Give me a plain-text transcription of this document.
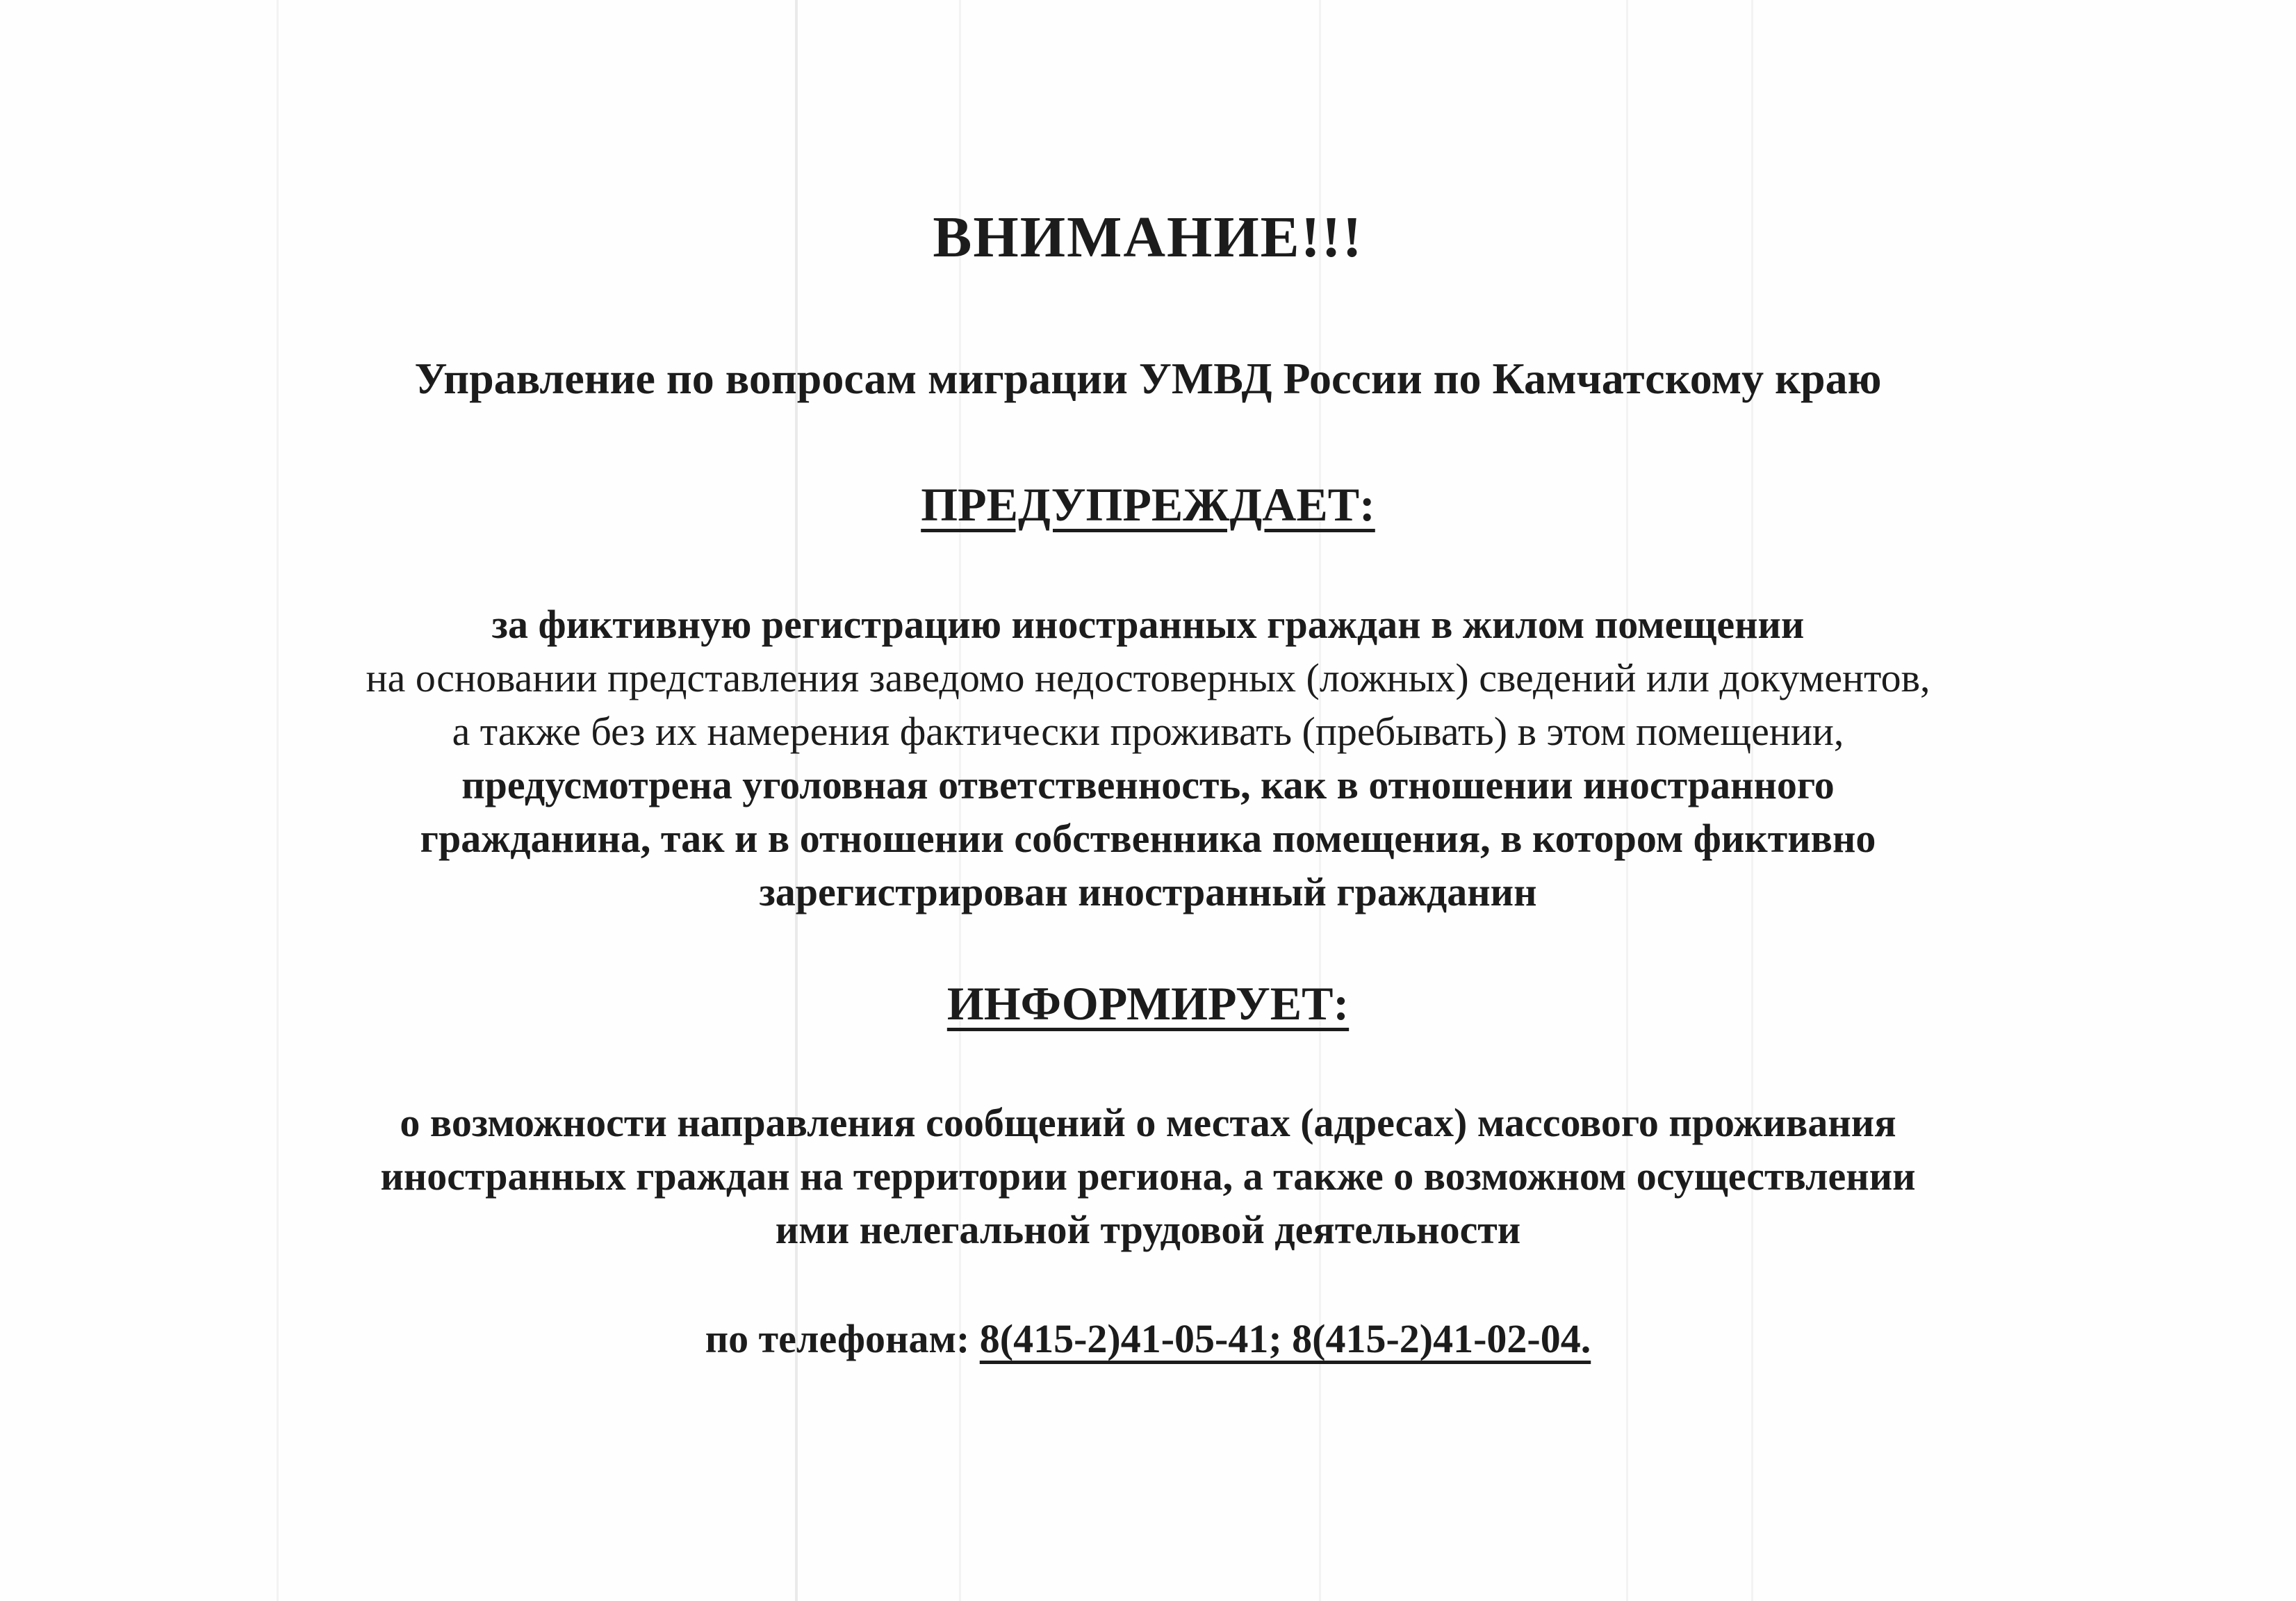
ВНИМАНИЕ!!!
Управление по вопросам миграции УМВД России по Камчатскому краю
ПРЕДУПРЕЖДАЕТ:
за фиктивную регистрацию иностранных граждан в жилом помещении
на основании представления заведомо недостоверных (ложных) сведений или документов,
а также без их намерения фактически проживать (пребывать) в этом помещении,
предусмотрена уголовная ответственность, как в отношении иностранного
гражданина, так и в отношении собственника помещения, в котором фиктивно
зарегистрирован иностранный гражданин
ИНФОРМИРУЕТ:
о возможности направления сообщений о местах (адресах) массового проживания
иностранных граждан на территории региона, а также о возможном осуществлении
ими нелегальной трудовой деятельности
по телефонам: 8(415-2)41-05-41; 8(415-2)41-02-04.
